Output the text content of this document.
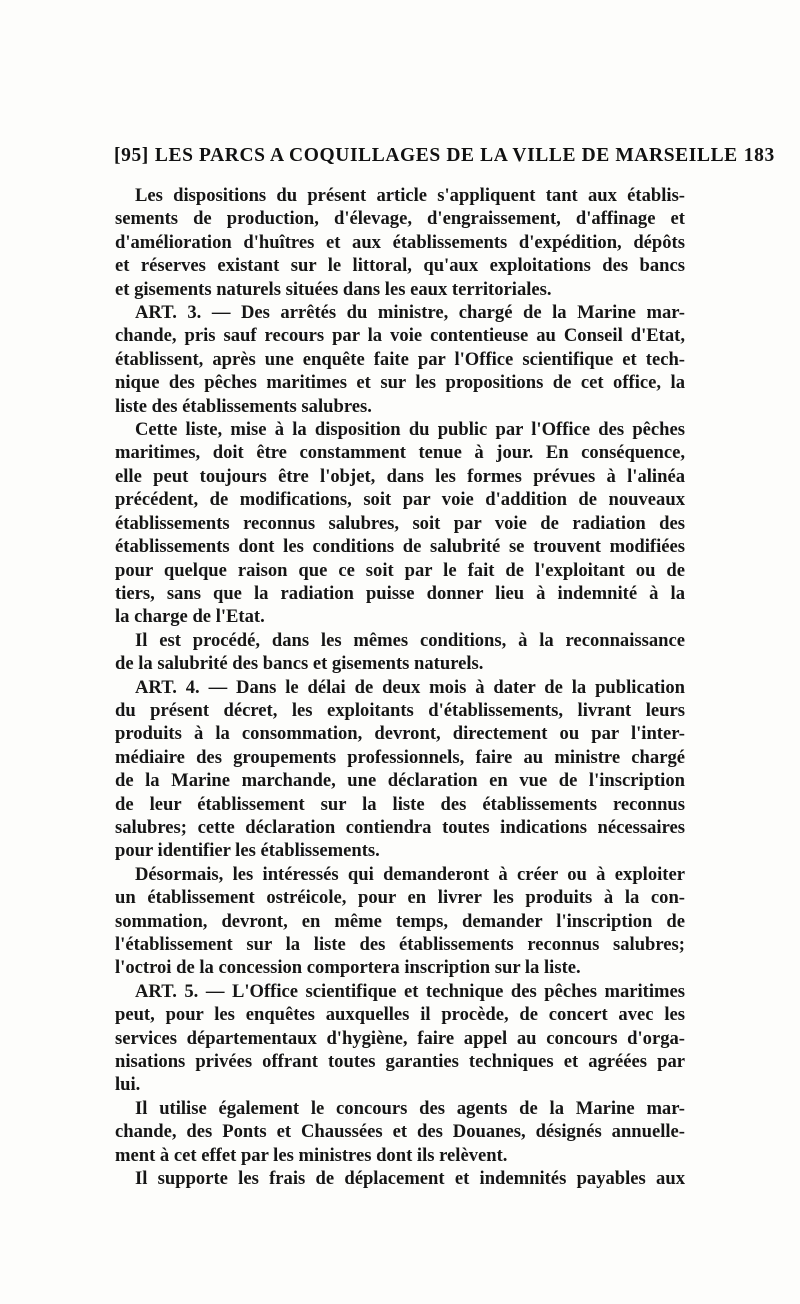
[95] LES PARCS A COQUILLAGES DE LA VILLE DE MARSEILLE 183
Les dispositions du présent article s'appliquent tant aux établis-
sements de production, d'élevage, d'engraissement, d'affinage et
d'amélioration d'huîtres et aux établissements d'expédition, dépôts
et réserves existant sur le littoral, qu'aux exploitations des bancs
et gisements naturels situées dans les eaux territoriales.
ART. 3. — Des arrêtés du ministre, chargé de la Marine mar-
chande, pris sauf recours par la voie contentieuse au Conseil d'Etat,
établissent, après une enquête faite par l'Office scientifique et tech-
nique des pêches maritimes et sur les propositions de cet office, la
liste des établissements salubres.
Cette liste, mise à la disposition du public par l'Office des pêches
maritimes, doit être constamment tenue à jour. En conséquence,
elle peut toujours être l'objet, dans les formes prévues à l'alinéa
précédent, de modifications, soit par voie d'addition de nouveaux
établissements reconnus salubres, soit par voie de radiation des
établissements dont les conditions de salubrité se trouvent modifiées
pour quelque raison que ce soit par le fait de l'exploitant ou de
tiers, sans que la radiation puisse donner lieu à indemnité à la
la charge de l'Etat.
Il est procédé, dans les mêmes conditions, à la reconnaissance
de la salubrité des bancs et gisements naturels.
ART. 4. — Dans le délai de deux mois à dater de la publication
du présent décret, les exploitants d'établissements, livrant leurs
produits à la consommation, devront, directement ou par l'inter-
médiaire des groupements professionnels, faire au ministre chargé
de la Marine marchande, une déclaration en vue de l'inscription
de leur établissement sur la liste des établissements reconnus
salubres; cette déclaration contiendra toutes indications nécessaires
pour identifier les établissements.
Désormais, les intéressés qui demanderont à créer ou à exploiter
un établissement ostréicole, pour en livrer les produits à la con-
sommation, devront, en même temps, demander l'inscription de
l'établissement sur la liste des établissements reconnus salubres;
l'octroi de la concession comportera inscription sur la liste.
ART. 5. — L'Office scientifique et technique des pêches maritimes
peut, pour les enquêtes auxquelles il procède, de concert avec les
services départementaux d'hygiène, faire appel au concours d'orga-
nisations privées offrant toutes garanties techniques et agréées par
lui.
Il utilise également le concours des agents de la Marine mar-
chande, des Ponts et Chaussées et des Douanes, désignés annuelle-
ment à cet effet par les ministres dont ils relèvent.
Il supporte les frais de déplacement et indemnités payables aux
